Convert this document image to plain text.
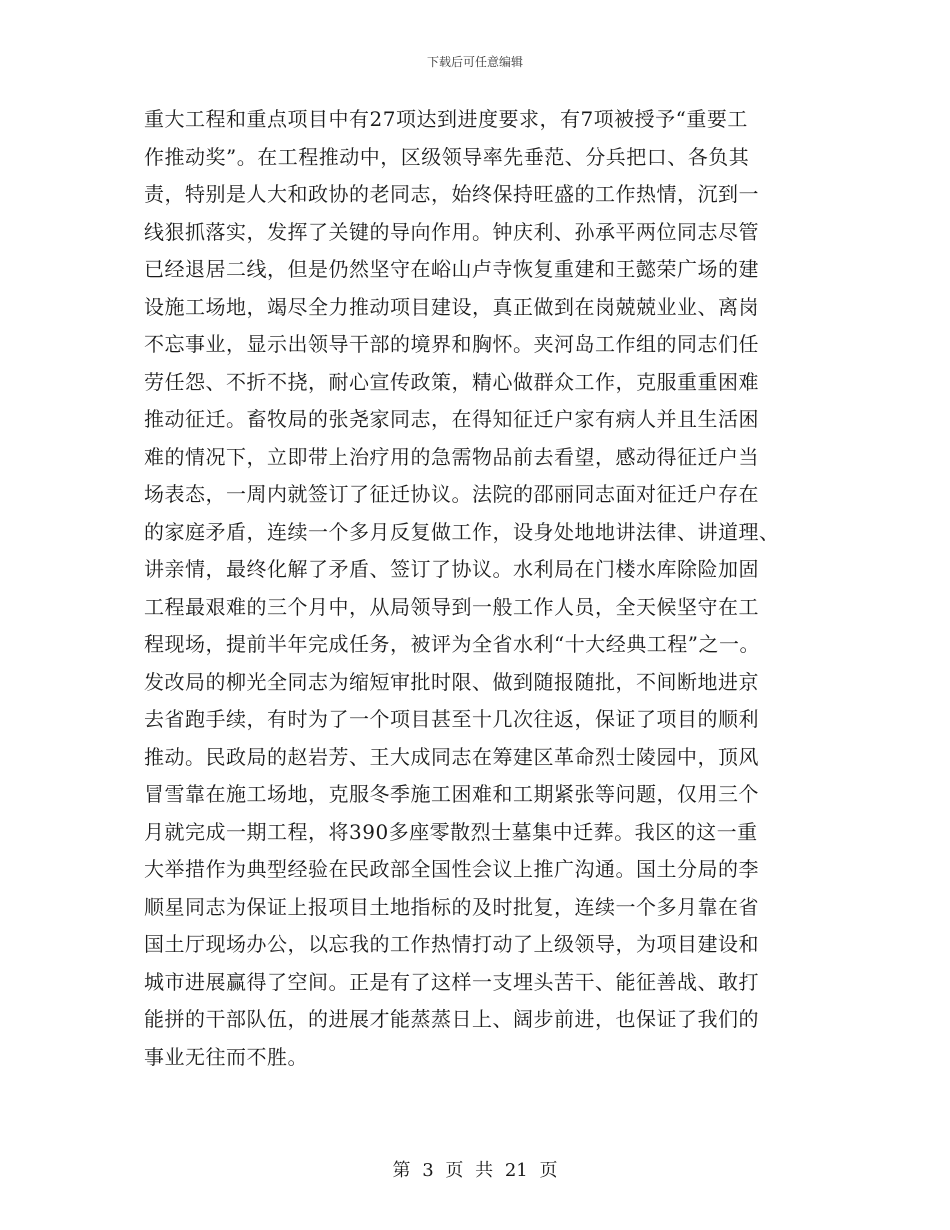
下载后可任意编辑
重大工程和重点项目中有27项达到进度要求，有7项被授予“重要工
作推动奖”。在工程推动中，区级领导率先垂范、分兵把口、各负其
责，特别是人大和政协的老同志，始终保持旺盛的工作热情，沉到一
线狠抓落实，发挥了关键的导向作用。钟庆利、孙承平两位同志尽管
已经退居二线，但是仍然坚守在峪山卢寺恢复重建和王懿荣广场的建
设施工场地，竭尽全力推动项目建设，真正做到在岗兢兢业业、离岗
不忘事业，显示出领导干部的境界和胸怀。夹河岛工作组的同志们任
劳任怨、不折不挠，耐心宣传政策，精心做群众工作，克服重重困难
推动征迁。畜牧局的张尧家同志，在得知征迁户家有病人并且生活困
难的情况下，立即带上治疗用的急需物品前去看望，感动得征迁户当
场表态，一周内就签订了征迁协议。法院的邵丽同志面对征迁户存在
的家庭矛盾，连续一个多月反复做工作，设身处地地讲法律、讲道理、
讲亲情，最终化解了矛盾、签订了协议。水利局在门楼水库除险加固
工程最艰难的三个月中，从局领导到一般工作人员，全天候坚守在工
程现场，提前半年完成任务，被评为全省水利“十大经典工程”之一。
发改局的柳光全同志为缩短审批时限、做到随报随批，不间断地进京
去省跑手续，有时为了一个项目甚至十几次往返，保证了项目的顺利
推动。民政局的赵岩芳、王大成同志在筹建区革命烈士陵园中，顶风
冒雪靠在施工场地，克服冬季施工困难和工期紧张等问题，仅用三个
月就完成一期工程，将390多座零散烈士墓集中迁葬。我区的这一重
大举措作为典型经验在民政部全国性会议上推广沟通。国土分局的李
顺星同志为保证上报项目土地指标的及时批复，连续一个多月靠在省
国土厅现场办公，以忘我的工作热情打动了上级领导，为项目建设和
城市进展赢得了空间。正是有了这样一支埋头苦干、能征善战、敢打
能拼的干部队伍，的进展才能蒸蒸日上、阔步前进，也保证了我们的
事业无往而不胜。
第 3 页 共 21 页
